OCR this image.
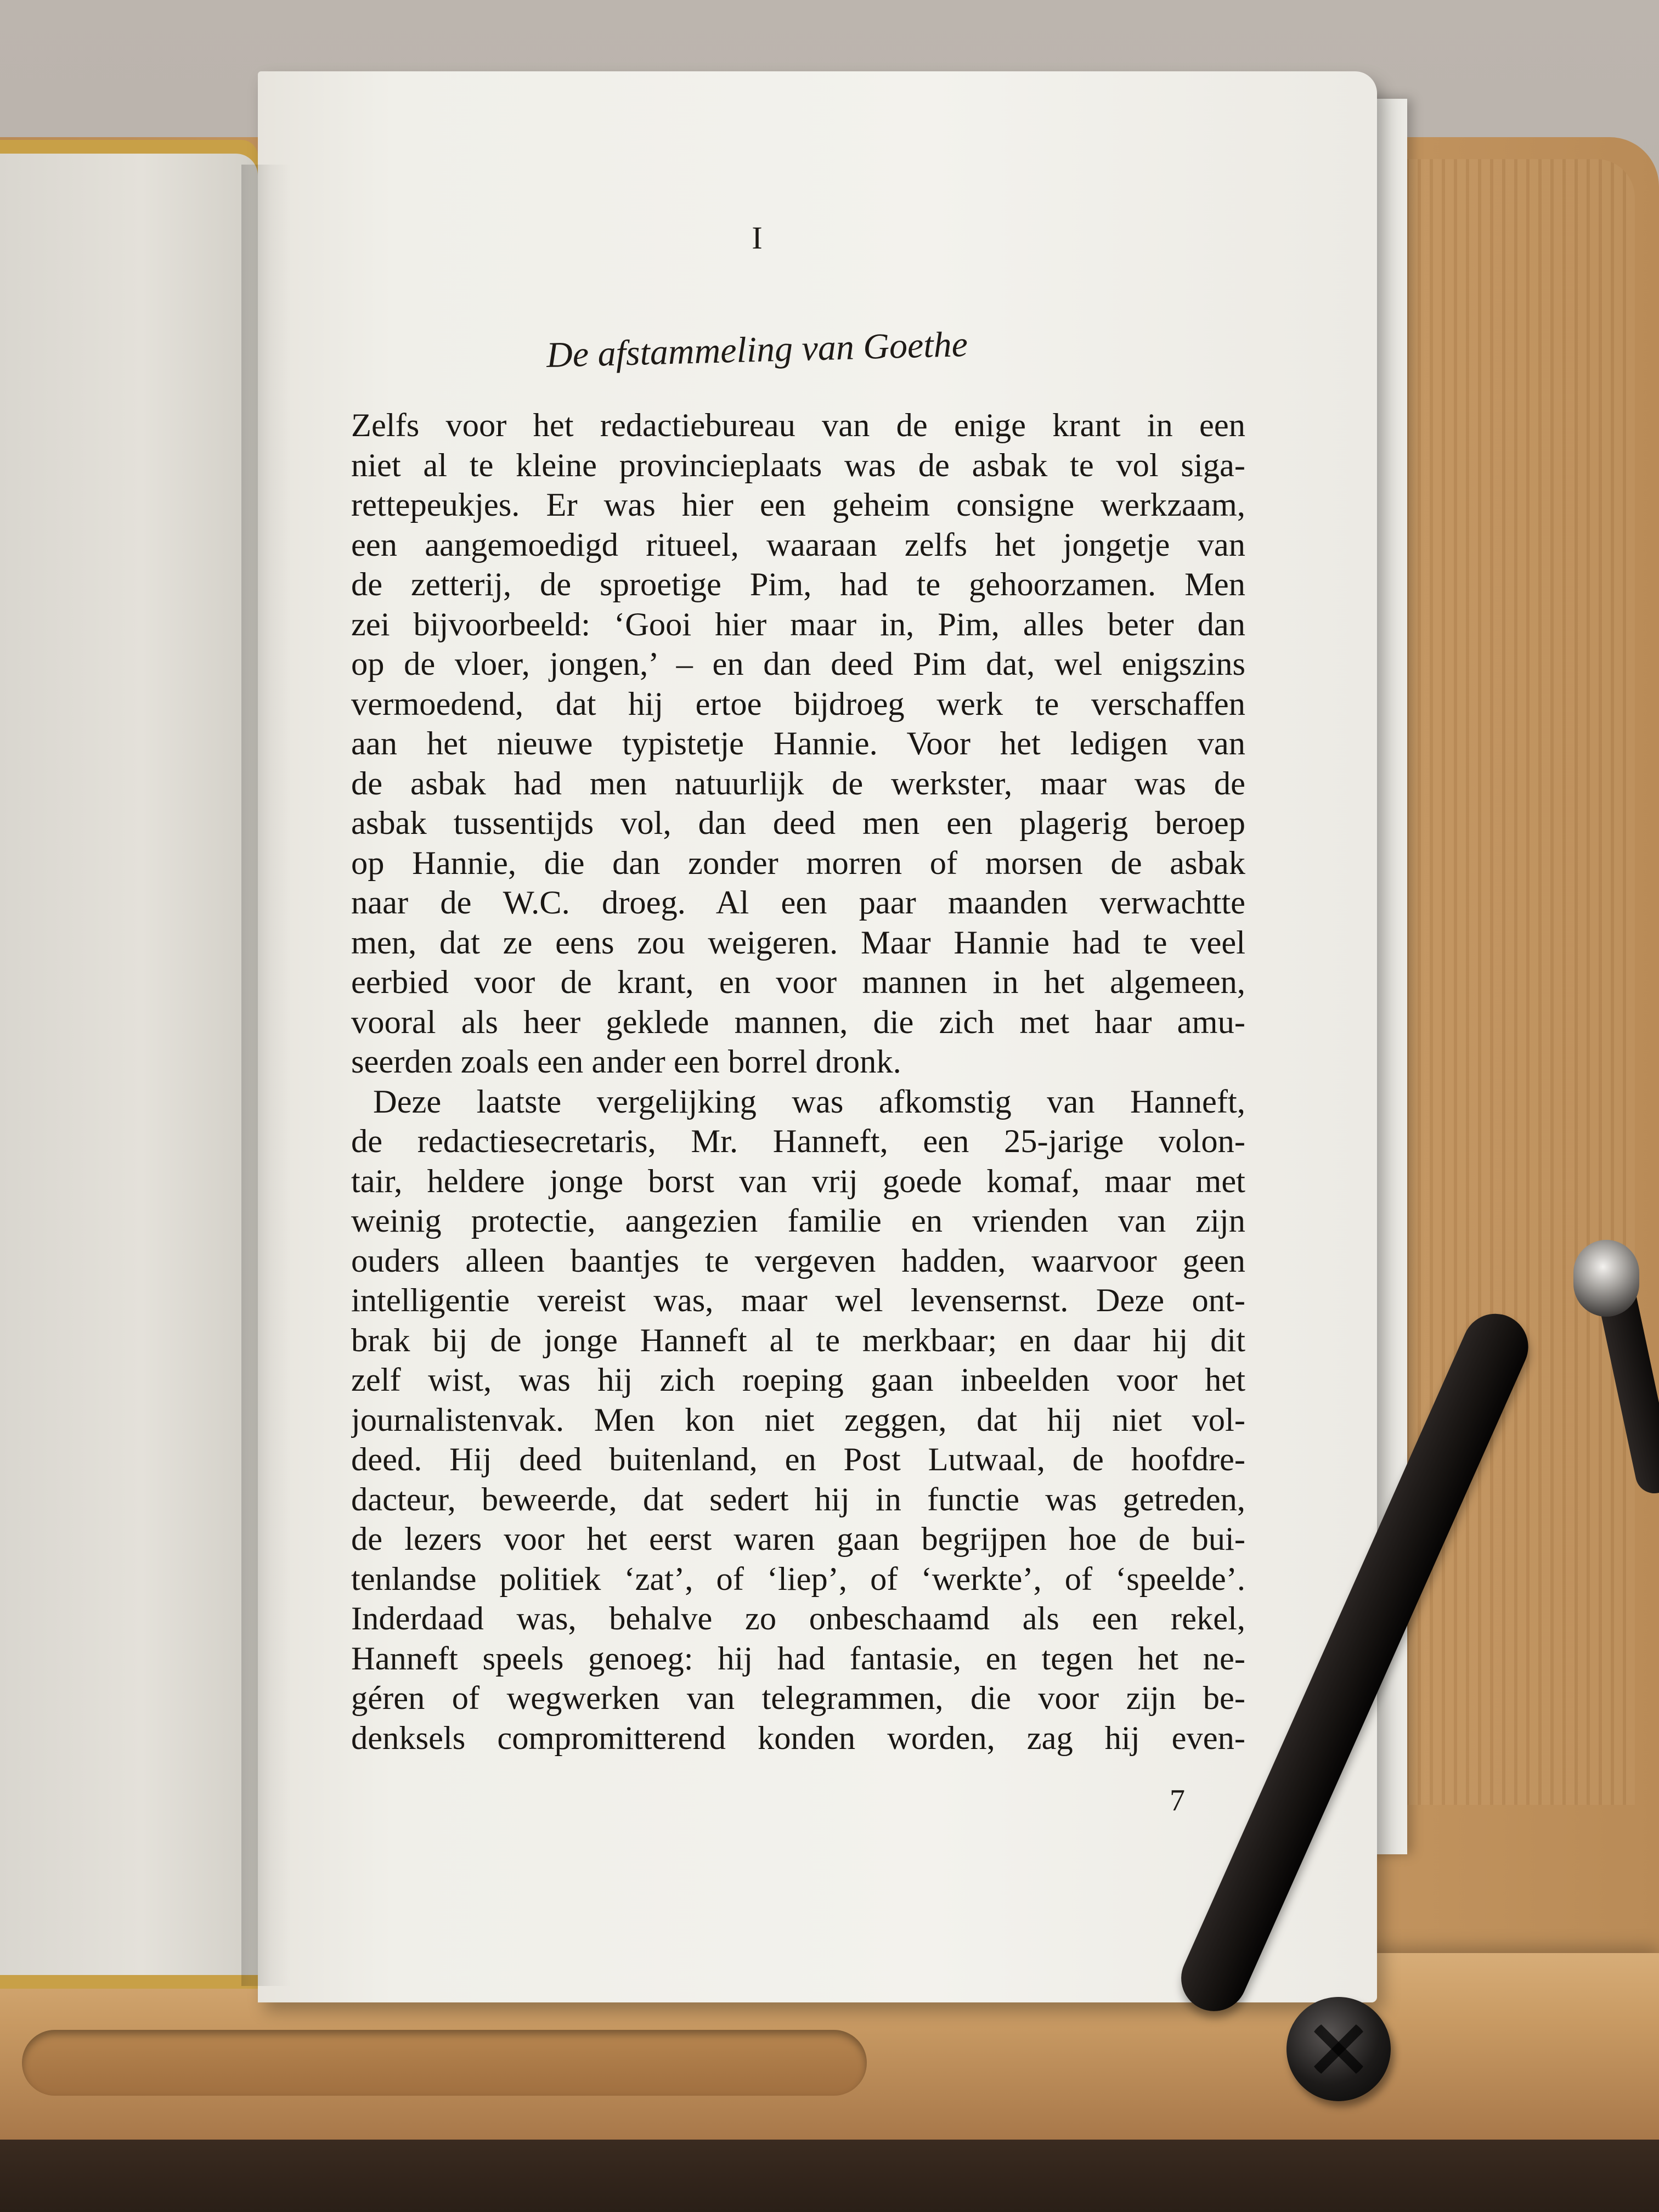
I
De afstammeling van Goethe
Zelfs voor het redactiebureau van de enige krant in een
niet al te kleine provincieplaats was de asbak te vol siga-
rettepeukjes. Er was hier een geheim consigne werkzaam,
een aangemoedigd ritueel, waaraan zelfs het jongetje van
de zetterij, de sproetige Pim, had te gehoorzamen. Men
zei bijvoorbeeld: ‘Gooi hier maar in, Pim, alles beter dan
op de vloer, jongen,’ – en dan deed Pim dat, wel enigszins
vermoedend, dat hij ertoe bijdroeg werk te verschaffen
aan het nieuwe typistetje Hannie. Voor het ledigen van
de asbak had men natuurlijk de werkster, maar was de
asbak tussentijds vol, dan deed men een plagerig beroep
op Hannie, die dan zonder morren of morsen de asbak
naar de W.C. droeg. Al een paar maanden verwachtte
men, dat ze eens zou weigeren. Maar Hannie had te veel
eerbied voor de krant, en voor mannen in het algemeen,
vooral als heer geklede mannen, die zich met haar amu-
seerden zoals een ander een borrel dronk.
Deze laatste vergelijking was afkomstig van Hanneft,
de redactiesecretaris, Mr. Hanneft, een 25-jarige volon-
tair, heldere jonge borst van vrij goede komaf, maar met
weinig protectie, aangezien familie en vrienden van zijn
ouders alleen baantjes te vergeven hadden, waarvoor geen
intelligentie vereist was, maar wel levensernst. Deze ont-
brak bij de jonge Hanneft al te merkbaar; en daar hij dit
zelf wist, was hij zich roeping gaan inbeelden voor het
journalistenvak. Men kon niet zeggen, dat hij niet vol-
deed. Hij deed buitenland, en Post Lutwaal, de hoofdre-
dacteur, beweerde, dat sedert hij in functie was getreden,
de lezers voor het eerst waren gaan begrijpen hoe de bui-
tenlandse politiek ‘zat’, of ‘liep’, of ‘werkte’, of ‘speelde’.
Inderdaad was, behalve zo onbeschaamd als een rekel,
Hanneft speels genoeg: hij had fantasie, en tegen het ne-
géren of wegwerken van telegrammen, die voor zijn be-
denksels compromitterend konden worden, zag hij even-
7
